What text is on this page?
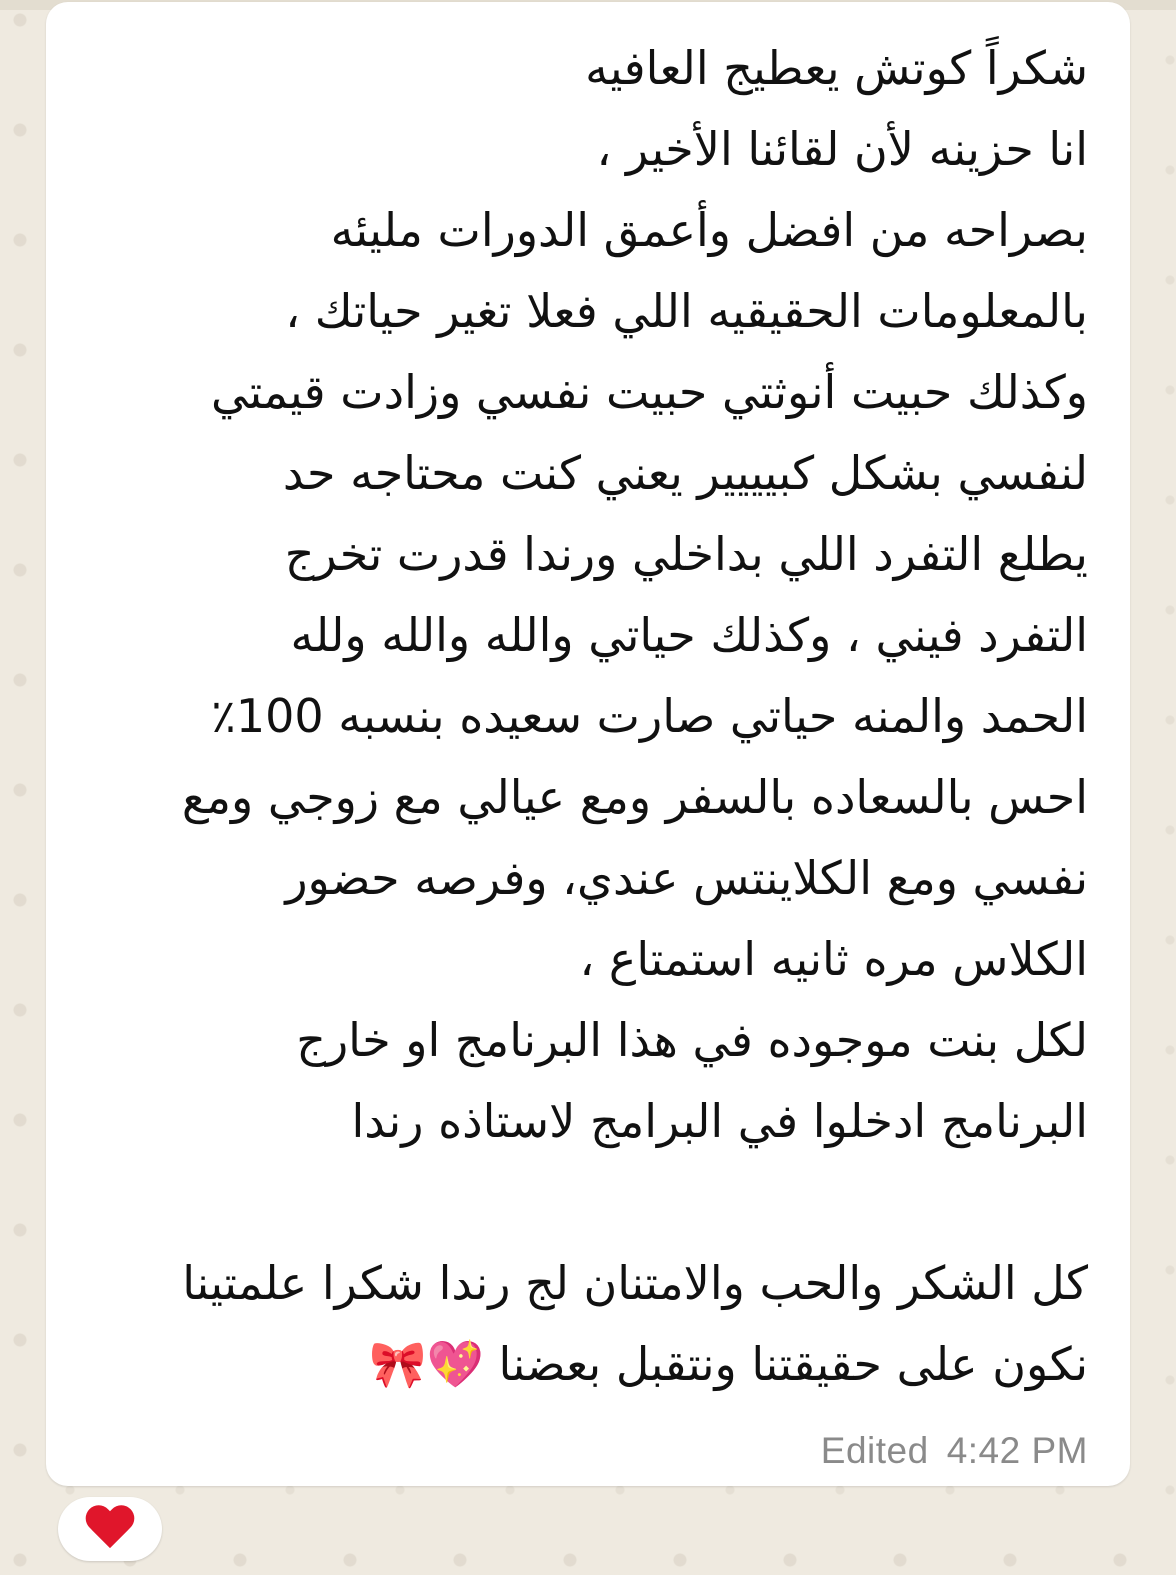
شكراً كوتش يعطيج العافيه
انا حزينه لأن لقائنا الأخير ،
بصراحه من افضل وأعمق الدورات مليئه
بالمعلومات الحقيقيه اللي فعلا تغير حياتك ،
وكذلك حبيت أنوثتي حبيت نفسي وزادت قيمتي
لنفسي بشكل كبيييير يعني كنت محتاجه حد
يطلع التفرد اللي بداخلي ورندا قدرت تخرج
التفرد فيني ، وكذلك حياتي والله والله ولله
الحمد والمنه حياتي صارت سعيده بنسبه 100٪
احس بالسعاده بالسفر ومع عيالي مع زوجي ومع
نفسي ومع الكلاينتس عندي، وفرصه حضور
الكلاس مره ثانيه استمتاع ،
لكل بنت موجوده في هذا البرنامج او خارج
البرنامج ادخلوا في البرامج لاستاذه رندا
كل الشكر والحب والامتنان لج رندا شكرا علمتينا
نكون على حقيقتنا ونتقبل بعضنا 💖🎀
Edited 4:42 PM
